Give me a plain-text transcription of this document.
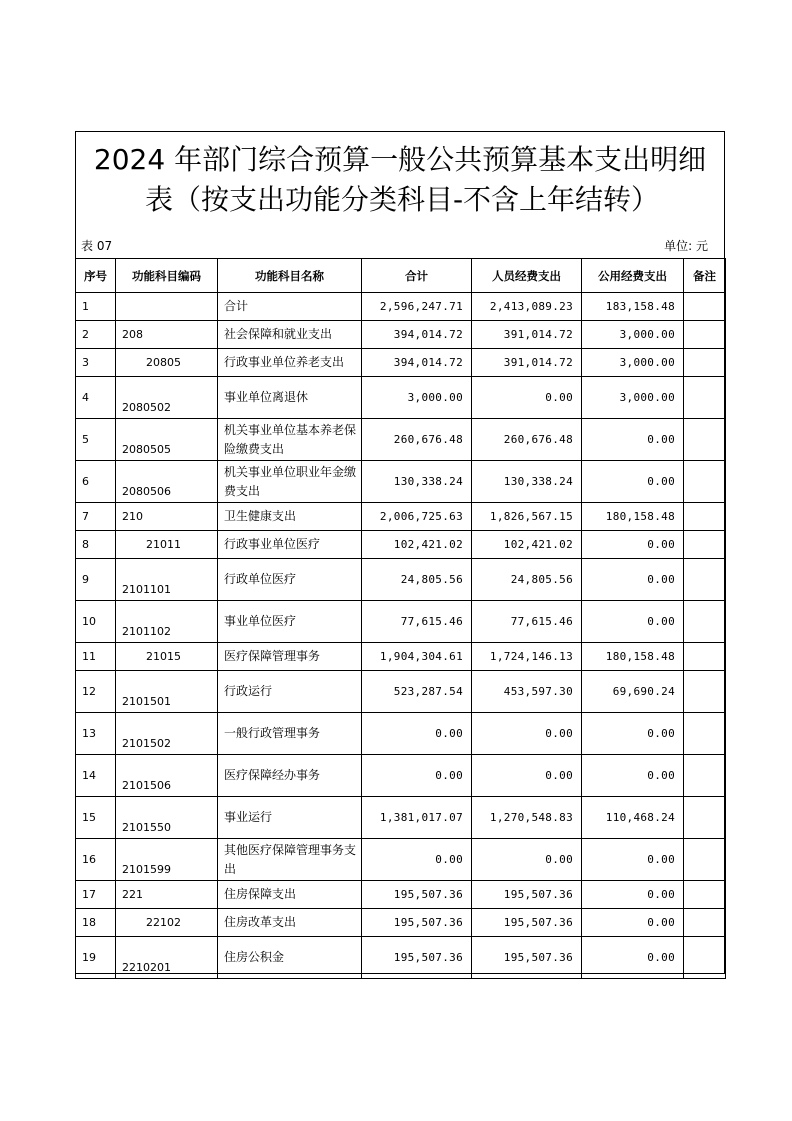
2024 年部门综合预算一般公共预算基本支出明细
表（按支出功能分类科目-不含上年结转）
表 07	单位: 元
序号	功能科目编码	功能科目名称	合计	人员经费支出	公用经费支出	备注
1		合计	2,596,247.71	2,413,089.23	183,158.48	
2	208	社会保障和就业支出	394,014.72	391,014.72	3,000.00	
3	20805	行政事业单位养老支出	394,014.72	391,014.72	3,000.00	
4	2080502	事业单位离退休	3,000.00	0.00	3,000.00	
5	2080505	机关事业单位基本养老保险缴费支出	260,676.48	260,676.48	0.00	
6	2080506	机关事业单位职业年金缴费支出	130,338.24	130,338.24	0.00	
7	210	卫生健康支出	2,006,725.63	1,826,567.15	180,158.48	
8	21011	行政事业单位医疗	102,421.02	102,421.02	0.00	
9	2101101	行政单位医疗	24,805.56	24,805.56	0.00	
10	2101102	事业单位医疗	77,615.46	77,615.46	0.00	
11	21015	医疗保障管理事务	1,904,304.61	1,724,146.13	180,158.48	
12	2101501	行政运行	523,287.54	453,597.30	69,690.24	
13	2101502	一般行政管理事务	0.00	0.00	0.00	
14	2101506	医疗保障经办事务	0.00	0.00	0.00	
15	2101550	事业运行	1,381,017.07	1,270,548.83	110,468.24	
16	2101599	其他医疗保障管理事务支出	0.00	0.00	0.00	
17	221	住房保障支出	195,507.36	195,507.36	0.00	
18	22102	住房改革支出	195,507.36	195,507.36	0.00	
19	2210201	住房公积金	195,507.36	195,507.36	0.00	
